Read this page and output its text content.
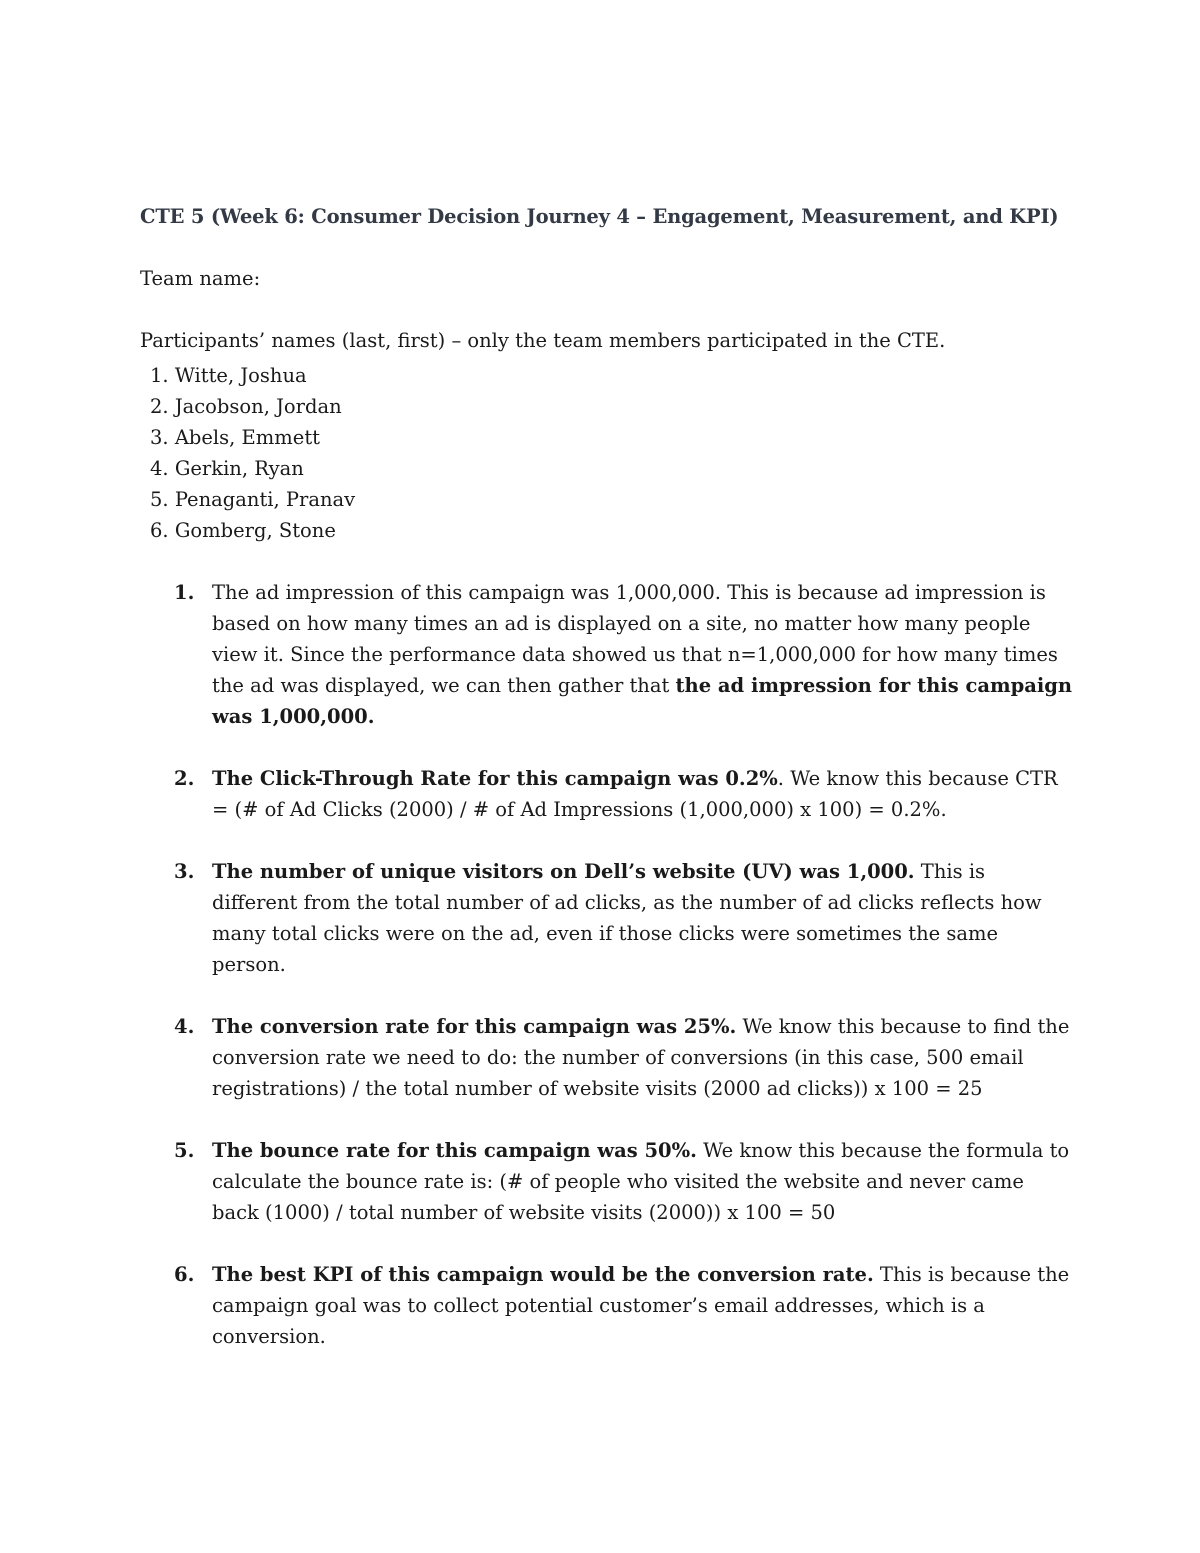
CTE 5 (Week 6: Consumer Decision Journey 4 – Engagement, Measurement, and KPI)
Team name:
Participants’ names (last, first) – only the team members participated in the CTE.
1. Witte, Joshua
2. Jacobson, Jordan
3. Abels, Emmett
4. Gerkin, Ryan
5. Penaganti, Pranav
6. Gomberg, Stone
1. The ad impression of this campaign was 1,000,000. This is because ad impression is based on how many times an ad is displayed on a site, no matter how many people view it. Since the performance data showed us that n=1,000,000 for how many times the ad was displayed, we can then gather that the ad impression for this campaign was 1,000,000.
2. The Click-Through Rate for this campaign was 0.2%. We know this because CTR = (# of Ad Clicks (2000) / # of Ad Impressions (1,000,000) x 100) = 0.2%.
3. The number of unique visitors on Dell’s website (UV) was 1,000. This is different from the total number of ad clicks, as the number of ad clicks reflects how many total clicks were on the ad, even if those clicks were sometimes the same person.
4. The conversion rate for this campaign was 25%. We know this because to find the conversion rate we need to do: the number of conversions (in this case, 500 email registrations) / the total number of website visits (2000 ad clicks)) x 100 = 25
5. The bounce rate for this campaign was 50%. We know this because the formula to calculate the bounce rate is: (# of people who visited the website and never came back (1000) / total number of website visits (2000)) x 100 = 50
6. The best KPI of this campaign would be the conversion rate. This is because the campaign goal was to collect potential customer’s email addresses, which is a conversion.
